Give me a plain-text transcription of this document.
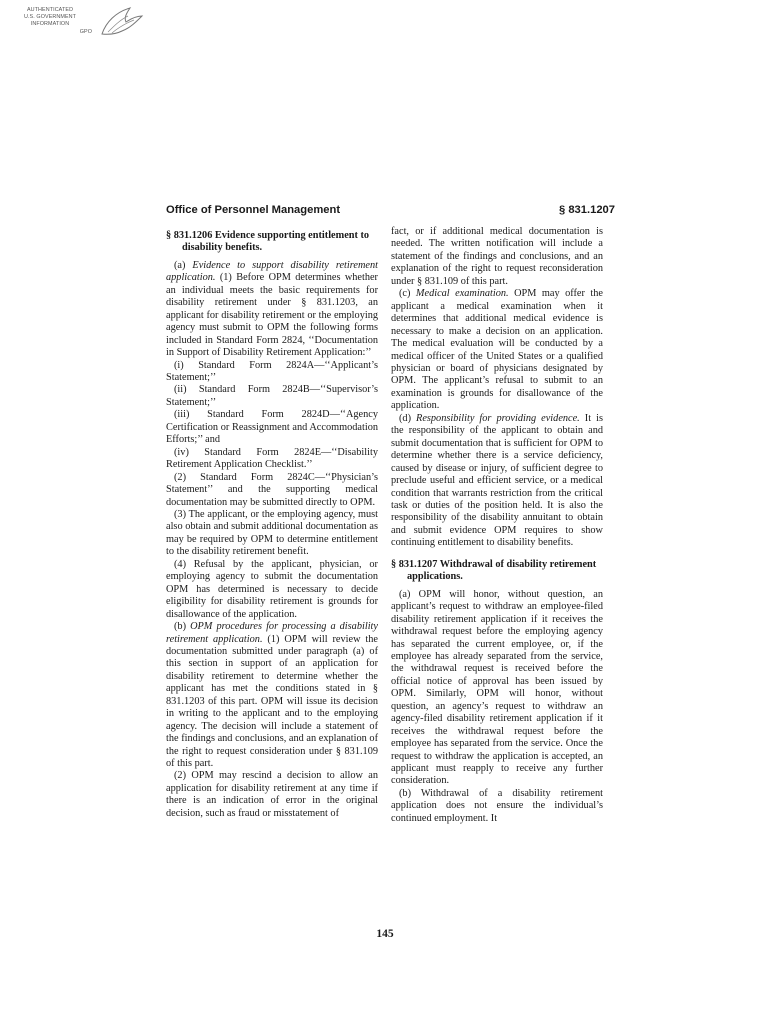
AUTHENTICATED
U.S. GOVERNMENT
INFORMATION

GPO
Office of Personnel Management	§ 831.1207

§ 831.1206 Evidence supporting entitlement to disability benefits.

(a) Evidence to support disability retirement application. (1) Before OPM determines whether an individual meets the basic requirements for disability retirement under § 831.1203, an applicant for disability retirement or the employing agency must submit to OPM the following forms included in Standard Form 2824, ‘‘Documentation in Support of Disability Retirement Application:’’

(i) Standard Form 2824A—‘‘Applicant’s Statement;’’

(ii) Standard Form 2824B—‘‘Supervisor’s Statement;’’

(iii) Standard Form 2824D—‘‘Agency Certification or Reassignment and Accommodation Efforts;’’ and

(iv) Standard Form 2824E—‘‘Disability Retirement Application Checklist.’’

(2) Standard Form 2824C—‘‘Physician’s Statement’’ and the supporting medical documentation may be submitted directly to OPM.

(3) The applicant, or the employing agency, must also obtain and submit additional documentation as may be required by OPM to determine entitlement to the disability retirement benefit.

(4) Refusal by the applicant, physician, or employing agency to submit the documentation OPM has determined is necessary to decide eligibility for disability retirement is grounds for disallowance of the application.

(b) OPM procedures for processing a disability retirement application. (1) OPM will review the documentation submitted under paragraph (a) of this section in support of an application for disability retirement to determine whether the applicant has met the conditions stated in § 831.1203 of this part. OPM will issue its decision in writing to the applicant and to the employing agency. The decision will include a statement of the findings and conclusions, and an explanation of the right to request consideration under § 831.109 of this part.

(2) OPM may rescind a decision to allow an application for disability retirement at any time if there is an indication of error in the original decision, such as fraud or misstatement of

fact, or if additional medical documentation is needed. The written notification will include a statement of the findings and conclusions, and an explanation of the right to request reconsideration under § 831.109 of this part.

(c) Medical examination. OPM may offer the applicant a medical examination when it determines that additional medical evidence is necessary to make a decision on an application. The medical evaluation will be conducted by a medical officer of the United States or a qualified physician or board of physicians designated by OPM. The applicant’s refusal to submit to an examination is grounds for disallowance of the application.

(d) Responsibility for providing evidence. It is the responsibility of the applicant to obtain and submit documentation that is sufficient for OPM to determine whether there is a service deficiency, caused by disease or injury, of sufficient degree to preclude useful and efficient service, or a medical condition that warrants restriction from the critical task or duties of the position held. It is also the responsibility of the disability annuitant to obtain and submit evidence OPM requires to show continuing entitlement to disability benefits.

§ 831.1207 Withdrawal of disability retirement applications.

(a) OPM will honor, without question, an applicant’s request to withdraw an employee-filed disability retirement application if it receives the withdrawal request before the employing agency has separated the current employee, or, if the employee has already separated from the service, the withdrawal request is received before the official notice of approval has been issued by OPM. Similarly, OPM will honor, without question, an agency’s request to withdraw an agency-filed disability retirement application if it receives the withdrawal request before the employee has separated from the service. Once the request to withdraw the application is accepted, an applicant must reapply to receive any further consideration.

(b) Withdrawal of a disability retirement application does not ensure the individual’s continued employment. It

145
